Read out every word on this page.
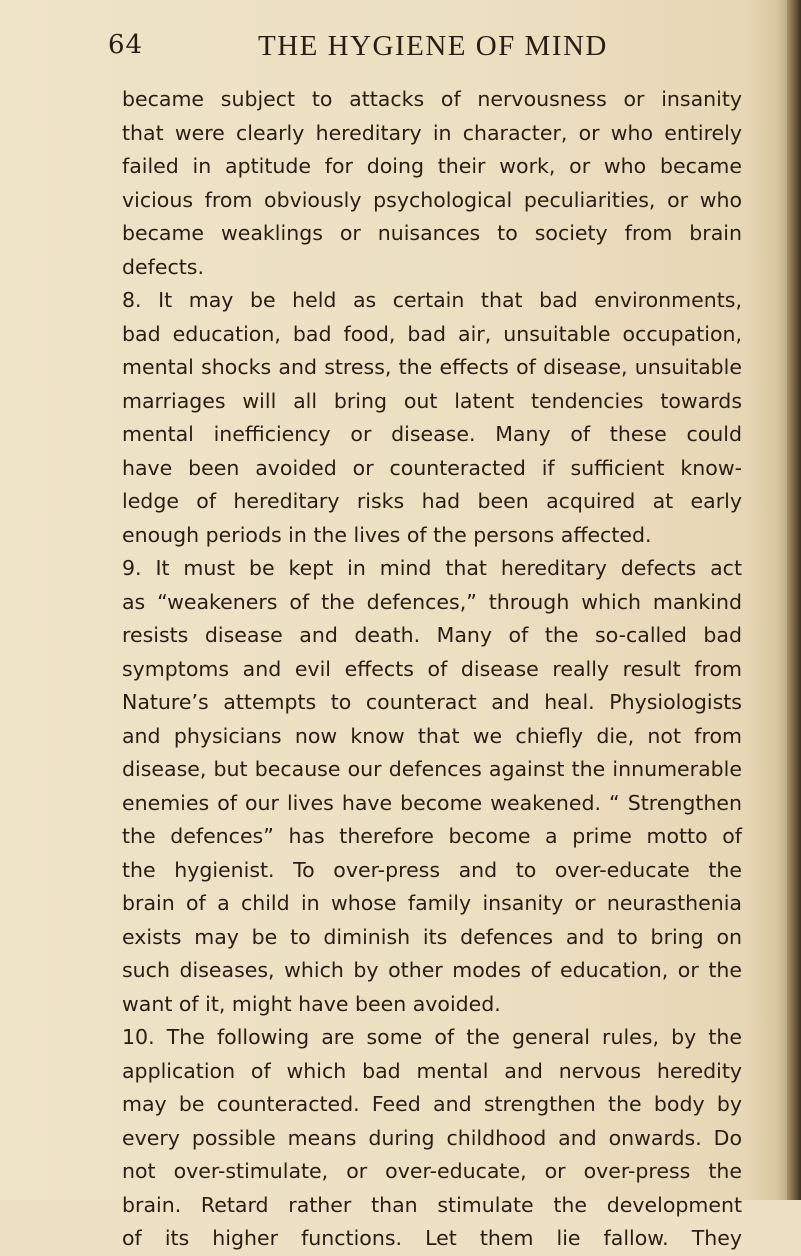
64	THE HYGIENE OF MIND
became subject to attacks of nervousness or insanity
that were clearly hereditary in character, or who entirely
failed in aptitude for doing their work, or who became
vicious from obviously psychological peculiarities, or who
became weaklings or nuisances to society from brain
defects.
8. It may be held as certain that bad environments,
bad education, bad food, bad air, unsuitable occupation,
mental shocks and stress, the effects of disease, unsuitable
marriages will all bring out latent tendencies towards
mental inefficiency or disease. Many of these could
have been avoided or counteracted if sufficient know-
ledge of hereditary risks had been acquired at early
enough periods in the lives of the persons affected.
9. It must be kept in mind that hereditary defects act
as “weakeners of the defences,” through which mankind
resists disease and death. Many of the so-called bad
symptoms and evil effects of disease really result from
Nature’s attempts to counteract and heal. Physiologists
and physicians now know that we chiefly die, not from
disease, but because our defences against the innumerable
enemies of our lives have become weakened. “ Strengthen
the defences” has therefore become a prime motto of
the hygienist. To over-press and to over-educate the
brain of a child in whose family insanity or neurasthenia
exists may be to diminish its defences and to bring on
such diseases, which by other modes of education, or the
want of it, might have been avoided.
10. The following are some of the general rules, by the
application of which bad mental and nervous heredity
may be counteracted. Feed and strengthen the body by
every possible means during childhood and onwards. Do
not over-stimulate, or over-educate, or over-press the
brain. Retard rather than stimulate the development
of its higher functions. Let them lie fallow. They
